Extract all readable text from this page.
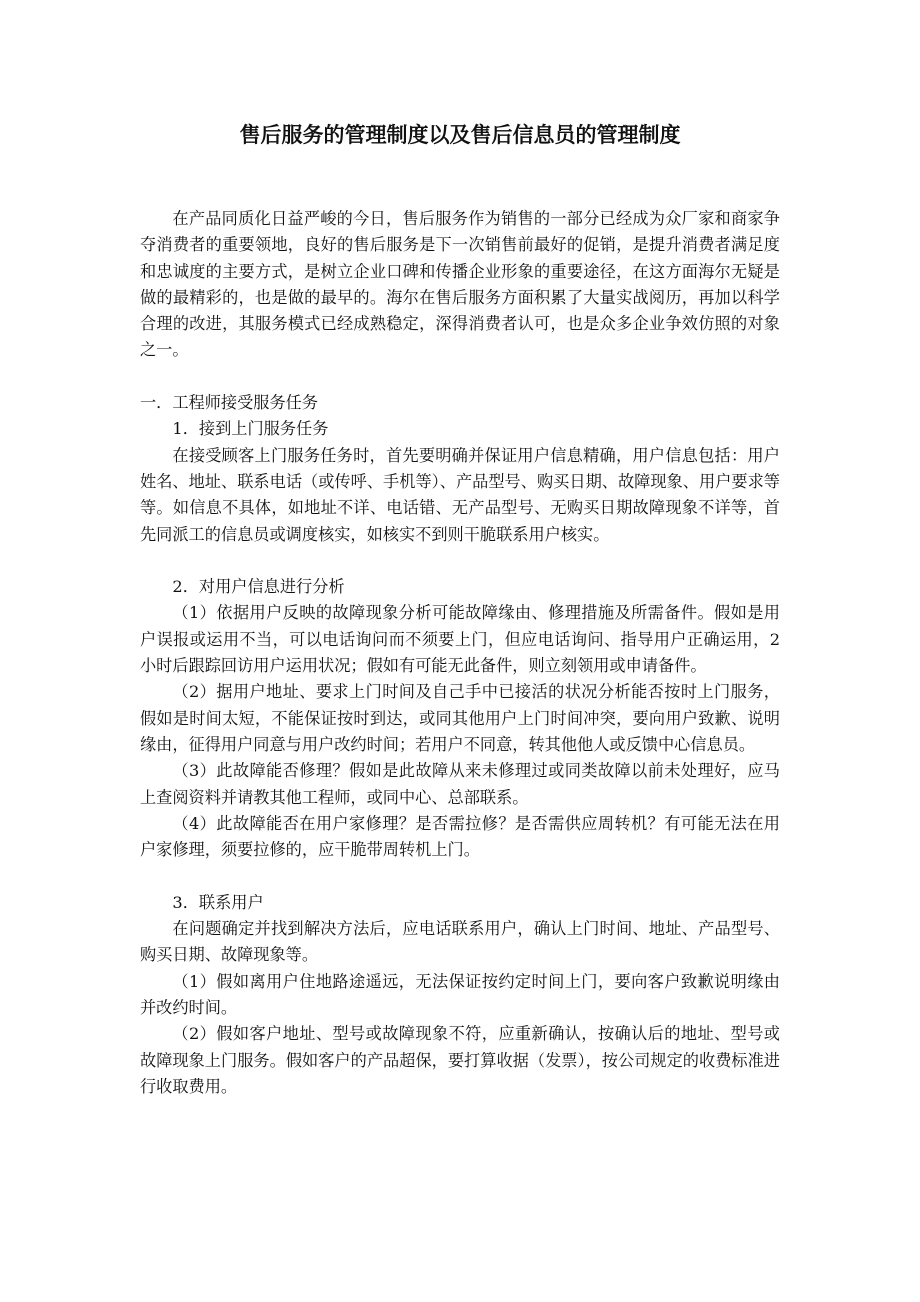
售后服务的管理制度以及售后信息员的管理制度

在产品同质化日益严峻的今日，售后服务作为销售的一部分已经成为众厂家和商家争夺消费者的重要领地，良好的售后服务是下一次销售前最好的促销，是提升消费者满足度和忠诚度的主要方式，是树立企业口碑和传播企业形象的重要途径，在这方面海尔无疑是做的最精彩的，也是做的最早的。海尔在售后服务方面积累了大量实战阅历，再加以科学合理的改进，其服务模式已经成熟稳定，深得消费者认可，也是众多企业争效仿照的对象之一。

一．工程师接受服务任务

1．接到上门服务任务

在接受顾客上门服务任务时，首先要明确并保证用户信息精确，用户信息包括：用户姓名、地址、联系电话（或传呼、手机等）、产品型号、购买日期、故障现象、用户要求等等。如信息不具体，如地址不详、电话错、无产品型号、无购买日期故障现象不详等，首先同派工的信息员或调度核实，如核实不到则干脆联系用户核实。

2．对用户信息进行分析

（1）依据用户反映的故障现象分析可能故障缘由、修理措施及所需备件。假如是用户误报或运用不当，可以电话询问而不须要上门，但应电话询问、指导用户正确运用，2 小时后跟踪回访用户运用状况；假如有可能无此备件，则立刻领用或申请备件。

（2）据用户地址、要求上门时间及自己手中已接活的状况分析能否按时上门服务，假如是时间太短，不能保证按时到达，或同其他用户上门时间冲突，要向用户致歉、说明缘由，征得用户同意与用户改约时间；若用户不同意，转其他他人或反馈中心信息员。

（3）此故障能否修理？假如是此故障从来未修理过或同类故障以前未处理好，应马上查阅资料并请教其他工程师，或同中心、总部联系。

（4）此故障能否在用户家修理？是否需拉修？是否需供应周转机？有可能无法在用户家修理，须要拉修的，应干脆带周转机上门。

3．联系用户

在问题确定并找到解决方法后，应电话联系用户，确认上门时间、地址、产品型号、购买日期、故障现象等。

（1）假如离用户住地路途遥远，无法保证按约定时间上门，要向客户致歉说明缘由并改约时间。

（2）假如客户地址、型号或故障现象不符，应重新确认，按确认后的地址、型号或故障现象上门服务。假如客户的产品超保，要打算收据（发票），按公司规定的收费标准进行收取费用。
